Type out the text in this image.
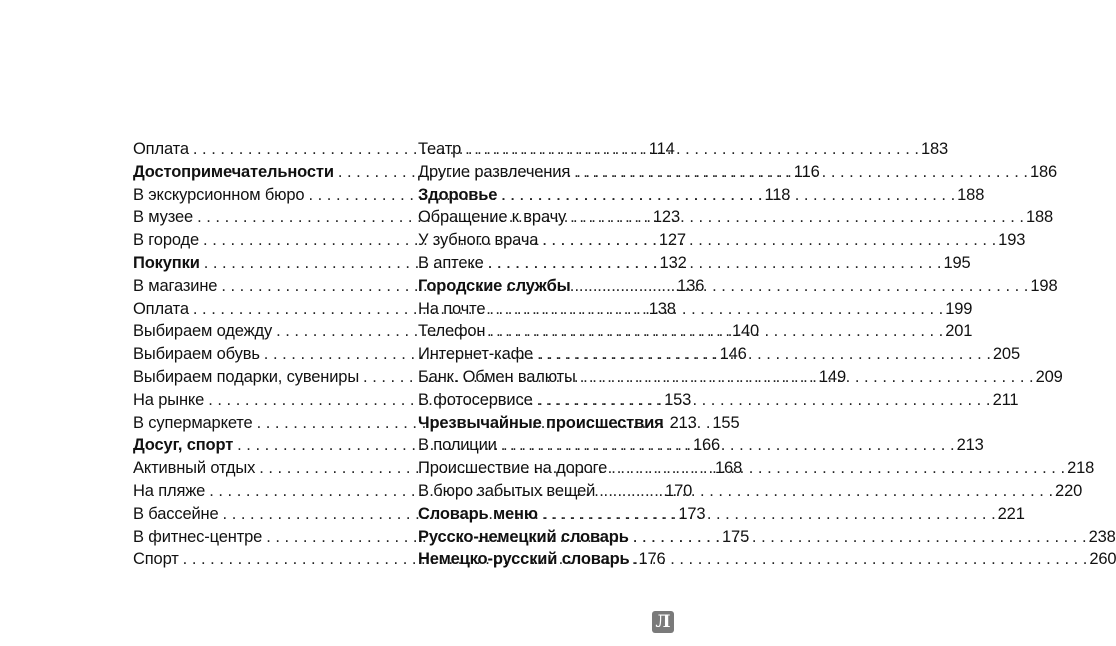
Оплата . . .	114
Достопримечательности . . .	116
В экскурсионном бюро . . .	118
В музее . . .	123
В городе . . .	127
Покупки . . .	132
В магазине . . .	136
Оплата . . .	138
Выбираем одежду . . .	140
Выбираем обувь . . .	146
Выбираем подарки, сувениры . . .	149
На рынке . . .	153
В супермаркете . . .	155
Досуг, спорт . . .	166
Активный отдых . . .	168
На пляже . . .	170
В бассейне . . .	173
В фитнес-центре . . .	175
Спорт . . .	176
Театр . . .	183
Другие развлечения . . .	186
Здоровье . . .	188
Обращение к врачу . . .	188
У зубного врача . . .	193
В аптеке . . .	195
Городские службы . . .	198
На почте . . .	199
Телефон . . .	201
Интернет-кафе . . .	205
Банк. Обмен валюты . . .	209
В фотосервисе . . .	211
Чрезвычайные происшествия 213
В полиции . . .	213
Происшествие на дороге . . .	218
В бюро забытых вещей . . .	220
Словарь меню . . .	221
Русско-немецкий словарь . . .	238
Немецко-русский словарь . . .	260
Л
